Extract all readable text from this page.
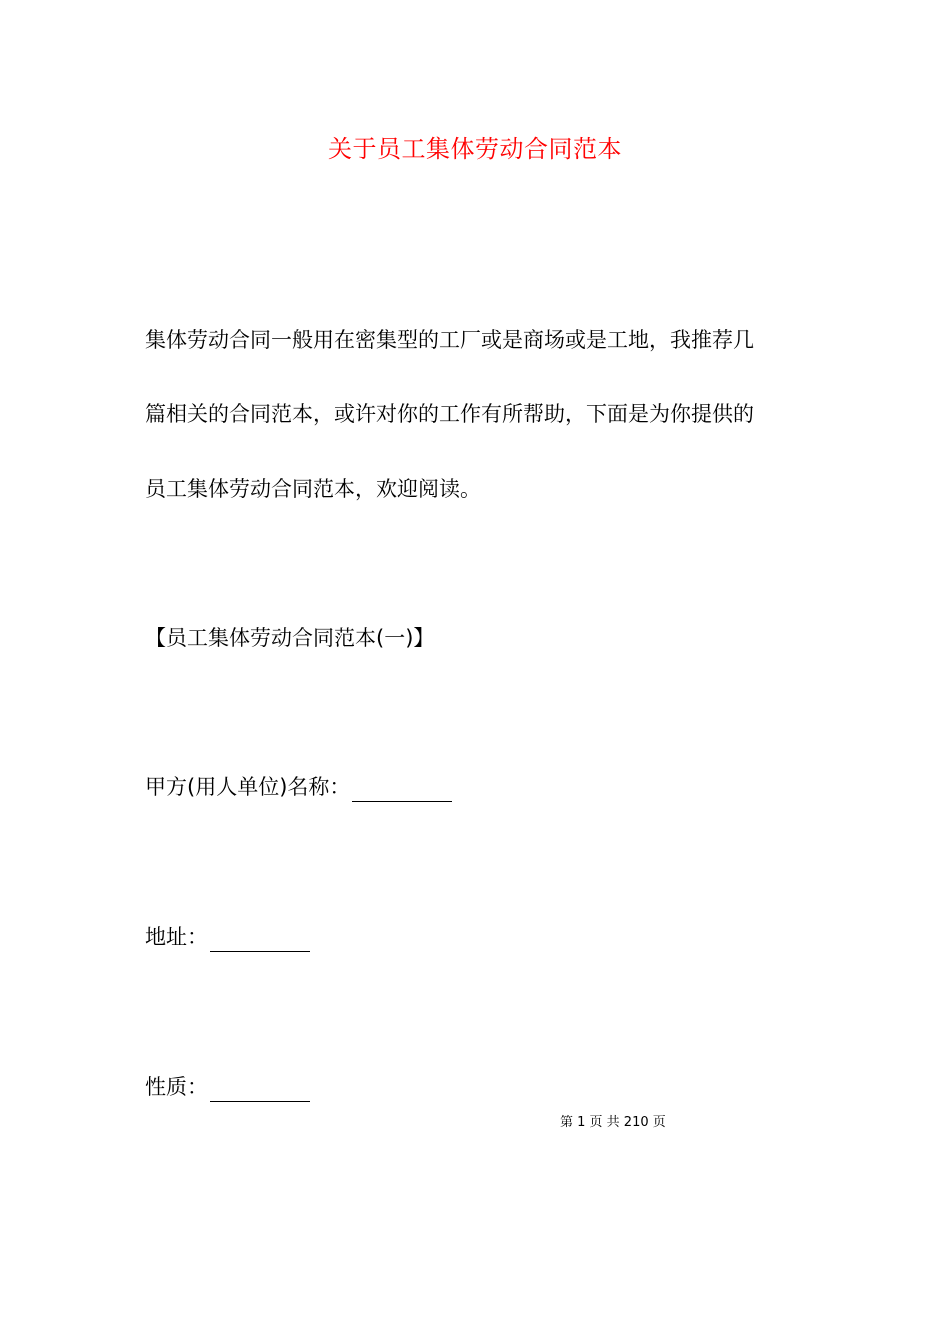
关于员工集体劳动合同范本
集体劳动合同一般用在密集型的工厂或是商场或是工地，我推荐几
篇相关的合同范本，或许对你的工作有所帮助，下面是为你提供的
员工集体劳动合同范本，欢迎阅读。
【员工集体劳动合同范本(一)】
甲方(用人单位)名称：
地址：
性质：
第 1 页 共 210 页
